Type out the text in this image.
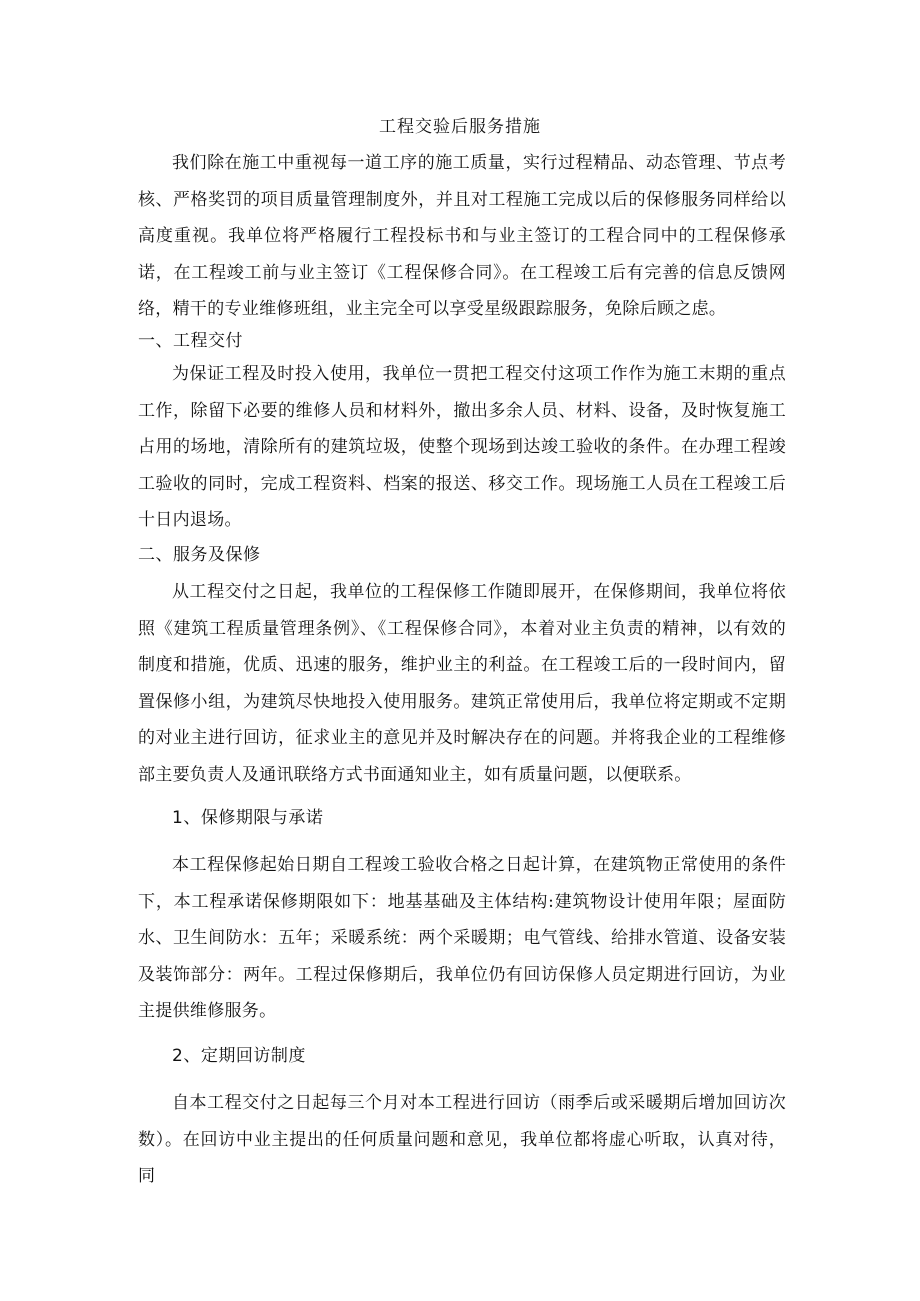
工程交验后服务措施

我们除在施工中重视每一道工序的施工质量，实行过程精品、动态管理、节点考核、严格奖罚的项目质量管理制度外，并且对工程施工完成以后的保修服务同样给以高度重视。我单位将严格履行工程投标书和与业主签订的工程合同中的工程保修承诺，在工程竣工前与业主签订《工程保修合同》。在工程竣工后有完善的信息反馈网络，精干的专业维修班组，业主完全可以享受星级跟踪服务，免除后顾之虑。

一、工程交付

为保证工程及时投入使用，我单位一贯把工程交付这项工作作为施工末期的重点工作，除留下必要的维修人员和材料外，撤出多余人员、材料、设备，及时恢复施工占用的场地，清除所有的建筑垃圾，使整个现场到达竣工验收的条件。在办理工程竣工验收的同时，完成工程资料、档案的报送、移交工作。现场施工人员在工程竣工后十日内退场。

二、服务及保修

从工程交付之日起，我单位的工程保修工作随即展开，在保修期间，我单位将依照《建筑工程质量管理条例》、《工程保修合同》，本着对业主负责的精神，以有效的制度和措施，优质、迅速的服务，维护业主的利益。在工程竣工后的一段时间内，留置保修小组，为建筑尽快地投入使用服务。建筑正常使用后，我单位将定期或不定期的对业主进行回访，征求业主的意见并及时解决存在的问题。并将我企业的工程维修部主要负责人及通讯联络方式书面通知业主，如有质量问题，以便联系。

1、保修期限与承诺

本工程保修起始日期自工程竣工验收合格之日起计算，在建筑物正常使用的条件下，本工程承诺保修期限如下：地基基础及主体结构:建筑物设计使用年限；屋面防水、卫生间防水：五年；采暖系统：两个采暖期；电气管线、给排水管道、设备安装及装饰部分：两年。工程过保修期后，我单位仍有回访保修人员定期进行回访，为业主提供维修服务。

2、定期回访制度

自本工程交付之日起每三个月对本工程进行回访（雨季后或采暖期后增加回访次数）。在回访中业主提出的任何质量问题和意见，我单位都将虚心听取，认真对待，同
